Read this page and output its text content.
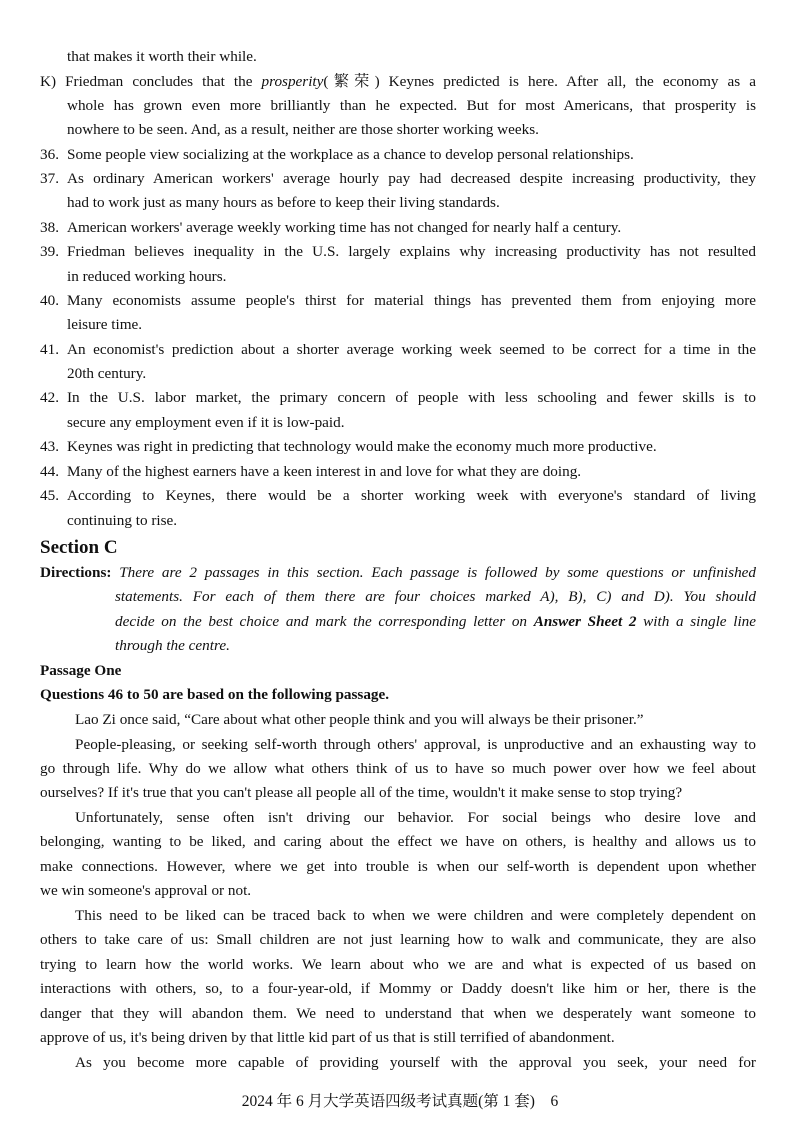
that makes it worth their while.
K) Friedman concludes that the prosperity(繁荣) Keynes predicted is here. After all, the economy as a
whole has grown even more brilliantly than he expected. But for most Americans, that prosperity is
nowhere to be seen. And, as a result, neither are those shorter working weeks.
36. Some people view socializing at the workplace as a chance to develop personal relationships.
37. As ordinary American workers' average hourly pay had decreased despite increasing productivity, they
had to work just as many hours as before to keep their living standards.
38. American workers' average weekly working time has not changed for nearly half a century.
39. Friedman believes inequality in the U.S. largely explains why increasing productivity has not resulted
in reduced working hours.
40. Many economists assume people's thirst for material things has prevented them from enjoying more
leisure time.
41. An economist's prediction about a shorter average working week seemed to be correct for a time in the
20th century.
42. In the U.S. labor market, the primary concern of people with less schooling and fewer skills is to
secure any employment even if it is low-paid.
43. Keynes was right in predicting that technology would make the economy much more productive.
44. Many of the highest earners have a keen interest in and love for what they are doing.
45. According to Keynes, there would be a shorter working week with everyone's standard of living
continuing to rise.
Section C
Directions: There are 2 passages in this section. Each passage is followed by some questions or unfinished
statements. For each of them there are four choices marked A), B), C) and D). You should
decide on the best choice and mark the corresponding letter on Answer Sheet 2 with a single line
through the centre.
Passage One
Questions 46 to 50 are based on the following passage.
Lao Zi once said, “Care about what other people think and you will always be their prisoner.”
People-pleasing, or seeking self-worth through others' approval, is unproductive and an exhausting way to
go through life. Why do we allow what others think of us to have so much power over how we feel about
ourselves? If it's true that you can't please all people all of the time, wouldn't it make sense to stop trying?
Unfortunately, sense often isn't driving our behavior. For social beings who desire love and
belonging, wanting to be liked, and caring about the effect we have on others, is healthy and allows us to
make connections. However, where we get into trouble is when our self-worth is dependent upon whether
we win someone's approval or not.
This need to be liked can be traced back to when we were children and were completely dependent on
others to take care of us: Small children are not just learning how to walk and communicate, they are also
trying to learn how the world works. We learn about who we are and what is expected of us based on
interactions with others, so, to a four-year-old, if Mommy or Daddy doesn't like him or her, there is the
danger that they will abandon them. We need to understand that when we desperately want someone to
approve of us, it's being driven by that little kid part of us that is still terrified of abandonment.
As you become more capable of providing yourself with the approval you seek, your need for
2024 年 6 月大学英语四级考试真题(第 1 套)　6
